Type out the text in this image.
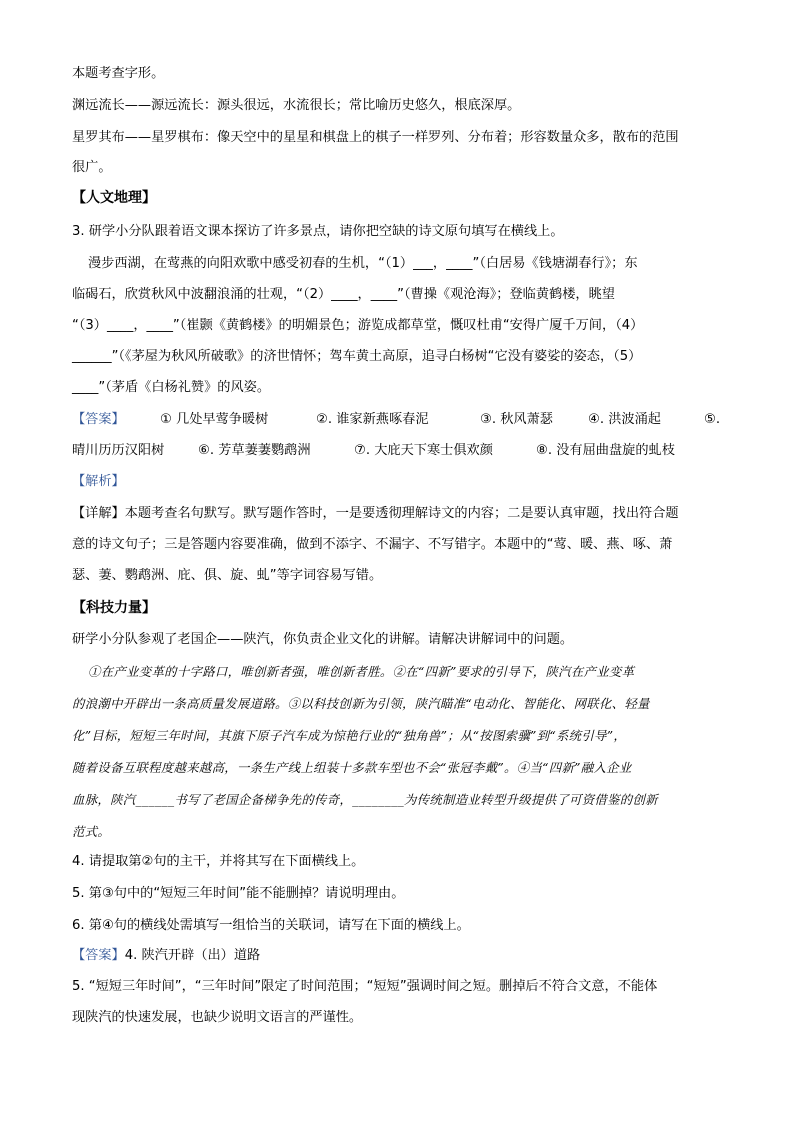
本题考查字形。
渊远流长——源远流长：源头很远，水流很长；常比喻历史悠久，根底深厚。
星罗其布——星罗棋布：像天空中的星星和棋盘上的棋子一样罗列、分布着；形容数量众多，散布的范围
很广。
【人文地理】
3. 研学小分队跟着语文课本探访了许多景点，请你把空缺的诗文原句填写在横线上。
漫步西湖，在莺燕的向阳欢歌中感受初春的生机，“（1）___，____”（白居易《钱塘湖春行》；东
临碣石，欣赏秋风中波翻浪涌的壮观，“（2）____，____”（曹操《观沧海》；登临黄鹤楼，眺望
“（3）____，____”（崔颢《黄鹤楼》的明媚景色；游览成都草堂，慨叹杜甫“安得广厦千万间，（4）
______”（《茅屋为秋风所破歌》的济世情怀；驾车黄土高原，追寻白杨树“它没有婆娑的姿态，（5）
____”（茅盾《白杨礼赞》的风姿。
【答案】	① 几处早莺争暖树	②. 谁家新燕啄春泥	③. 秋风萧瑟	④. 洪波涌起	⑤.
晴川历历汉阳树	⑥. 芳草萋萋鹦鹉洲	⑦. 大庇天下寒士俱欢颜	⑧. 没有屈曲盘旋的虬枝
【解析】
【详解】本题考查名句默写。默写题作答时，一是要透彻理解诗文的内容；二是要认真审题，找出符合题
意的诗文句子；三是答题内容要准确，做到不添字、不漏字、不写错字。本题中的“莺、暖、燕、啄、萧
瑟、萋、鹦鹉洲、庇、俱、旋、虬”等字词容易写错。
【科技力量】
研学小分队参观了老国企——陕汽，你负责企业文化的讲解。请解决讲解词中的问题。
①在产业变革的十字路口，唯创新者强，唯创新者胜。②在“四新”要求的引导下，陕汽在产业变革
的浪潮中开辟出一条高质量发展道路。③以科技创新为引领，陕汽瞄准“电动化、智能化、网联化、轻量
化”目标，短短三年时间，其旗下原子汽车成为惊艳行业的“独角兽”；从“按图索骥”到“系统引导”，
随着设备互联程度越来越高，一条生产线上组装十多款车型也不会“张冠李戴”。④当“四新”融入企业
血脉，陕汽______书写了老国企备梯争先的传奇，________为传统制造业转型升级提供了可资借鉴的创新
范式。
4. 请提取第②句的主干，并将其写在下面横线上。
5. 第③句中的“短短三年时间”能不能删掉？请说明理由。
6. 第④句的横线处需填写一组恰当的关联词，请写在下面的横线上。
【答案】4. 陕汽开辟（出）道路
5. “短短三年时间”，“三年时间”限定了时间范围；“短短”强调时间之短。删掉后不符合文意，不能体
现陕汽的快速发展，也缺少说明文语言的严谨性。
